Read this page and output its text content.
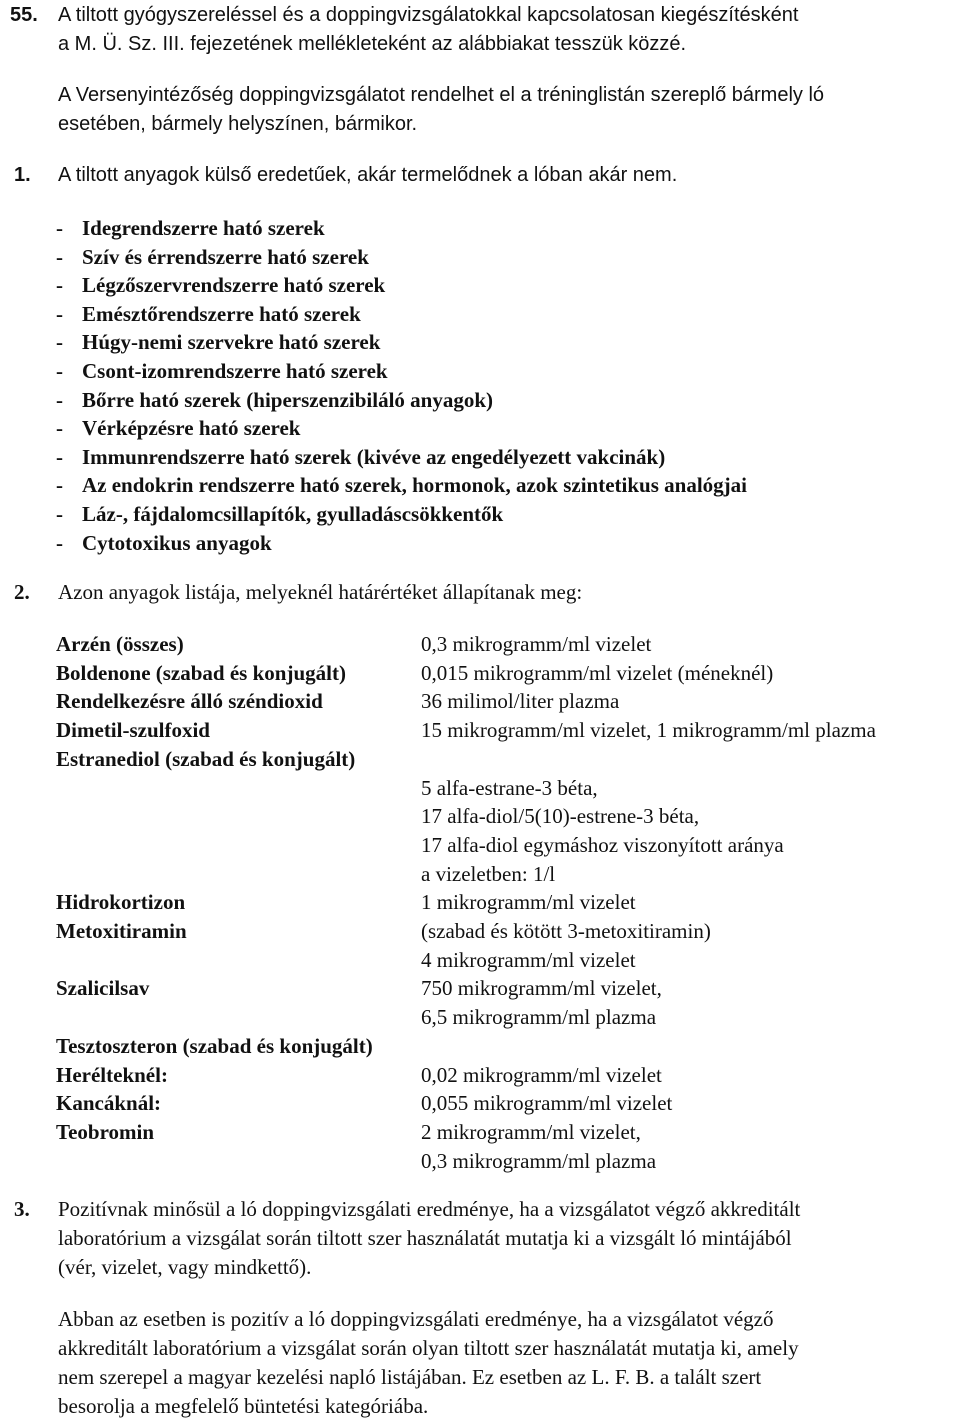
55. A tiltott gyógyszereléssel és a doppingvizsgálatokkal kapcsolatosan kiegészítésként
a M. Ü. Sz. III. fejezetének mellékleteként az alábbiakat tesszük közzé.
A Versenyintézőség doppingvizsgálatot rendelhet el a tréninglistán szereplő bármely ló
esetében, bármely helyszínen, bármikor.
1. A tiltott anyagok külső eredetűek, akár termelődnek a lóban akár nem.
- Idegrendszerre ható szerek
- Szív és érrendszerre ható szerek
- Légzőszervrendszerre ható szerek
- Emésztőrendszerre ható szerek
- Húgy-nemi szervekre ható szerek
- Csont-izomrendszerre ható szerek
- Bőrre ható szerek (hiperszenzibiláló anyagok)
- Vérképzésre ható szerek
- Immunrendszerre ható szerek (kivéve az engedélyezett vakcinák)
- Az endokrin rendszerre ható szerek, hormonok, azok szintetikus analógjai
- Láz-, fájdalomcsillapítók, gyulladáscsökkentők
- Cytotoxikus anyagok
2. Azon anyagok listája, melyeknél határértéket állapítanak meg:
Arzén (összes)	0,3 mikrogramm/ml vizelet
Boldenone (szabad és konjugált)	0,015 mikrogramm/ml vizelet (méneknél)
Rendelkezésre álló széndioxid	36 milimol/liter plazma
Dimetil-szulfoxid	15 mikrogramm/ml vizelet, 1 mikrogramm/ml plazma
Estranediol (szabad és konjugált)
5 alfa-estrane-3 béta,
17 alfa-diol/5(10)-estrene-3 béta,
17 alfa-diol egymáshoz viszonyított aránya
a vizeletben: 1/l
Hidrokortizon	1 mikrogramm/ml vizelet
Metoxitiramin	(szabad és kötött 3-metoxitiramin)
4 mikrogramm/ml vizelet
Szalicilsav	750 mikrogramm/ml vizelet,
6,5 mikrogramm/ml plazma
Tesztoszteron (szabad és konjugált)
Herélteknél:	0,02 mikrogramm/ml vizelet
Kancáknál:	0,055 mikrogramm/ml vizelet
Teobromin	2 mikrogramm/ml vizelet,
0,3 mikrogramm/ml plazma
3. Pozitívnak minősül a ló doppingvizsgálati eredménye, ha a vizsgálatot végző akkreditált
laboratórium a vizsgálat során tiltott szer használatát mutatja ki a vizsgált ló mintájából
(vér, vizelet, vagy mindkettő).
Abban az esetben is pozitív a ló doppingvizsgálati eredménye, ha a vizsgálatot végző
akkreditált laboratórium a vizsgálat során olyan tiltott szer használatát mutatja ki, amely
nem szerepel a magyar kezelési napló listájában. Ez esetben az L. F. B. a talált szert
besorolja a megfelelő büntetési kategóriába.
